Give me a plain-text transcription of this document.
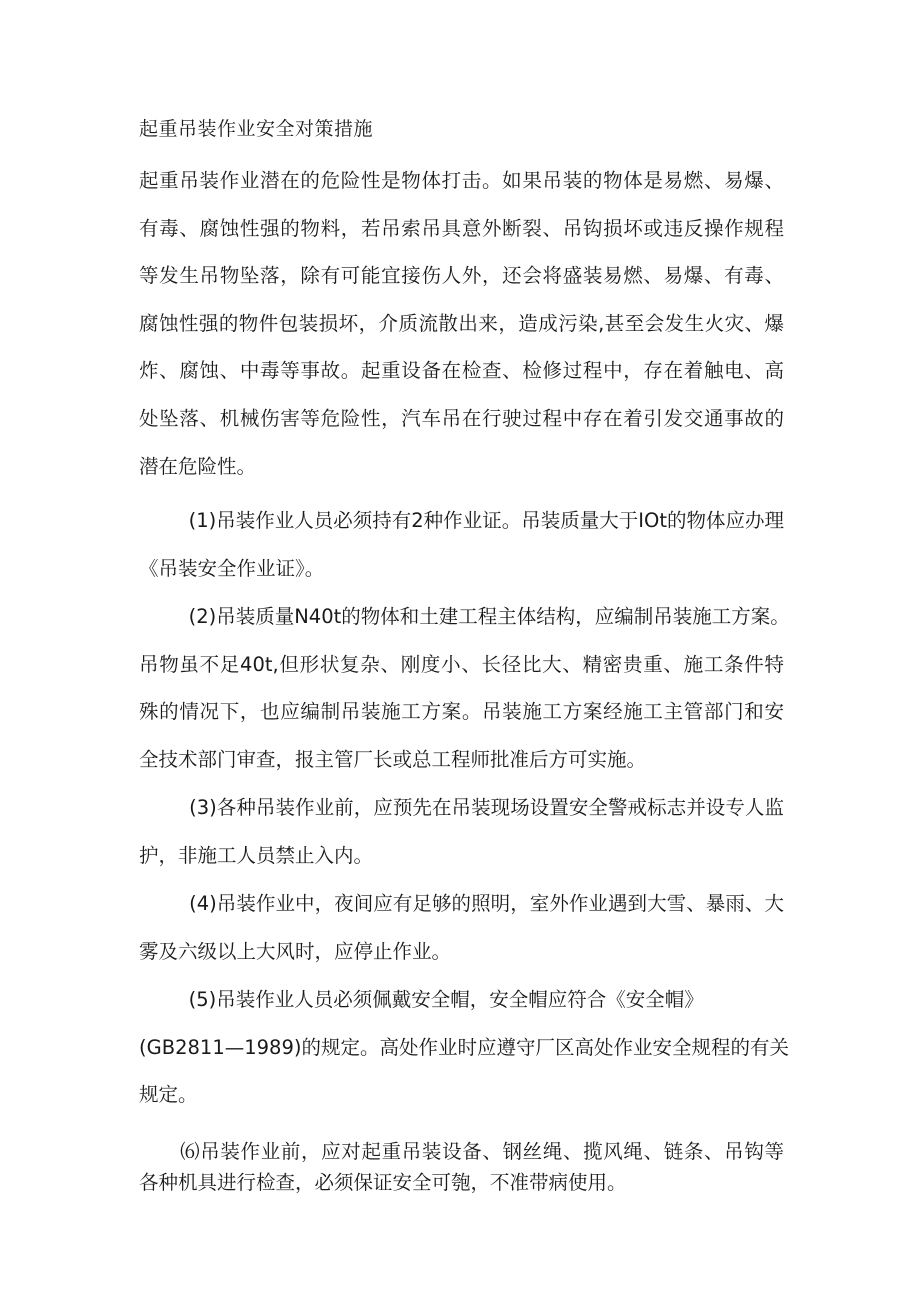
起重吊装作业安全对策措施
起重吊装作业潜在的危险性是物体打击。如果吊装的物体是易燃、易爆、
有毒、腐蚀性强的物料，若吊索吊具意外断裂、吊钩损坏或违反操作规程
等发生吊物坠落，除有可能宜接伤人外，还会将盛装易燃、易爆、有毒、
腐蚀性强的物件包装损坏，介质流散出来，造成污染,甚至会发生火灾、爆
炸、腐蚀、中毒等事故。起重设备在检查、检修过程中，存在着触电、高
处坠落、机械伤害等危险性，汽车吊在行驶过程中存在着引发交通事故的
潜在危险性。
(1)吊装作业人员必须持有2种作业证。吊装质量大于IOt的物体应办理
《吊装安全作业证》。
(2)吊装质量N40t的物体和土建工程主体结构，应编制吊装施工方案。
吊物虽不足40t,但形状复杂、刚度小、长径比大、精密贵重、施工条件特
殊的情况下，也应编制吊装施工方案。吊装施工方案经施工主管部门和安
全技术部门审查，报主管厂长或总工程师批准后方可实施。
(3)各种吊装作业前，应预先在吊装现场设置安全警戒标志并设专人监
护，非施工人员禁止入内。
(4)吊装作业中，夜间应有足够的照明，室外作业遇到大雪、暴雨、大
雾及六级以上大风时，应停止作业。
(5)吊装作业人员必须佩戴安全帽，安全帽应符合《安全帽》
(GB2811—1989)的规定。高处作业时应遵守厂区高处作业安全规程的有关
规定。
⑹吊装作业前，应对起重吊装设备、钢丝绳、揽风绳、链条、吊钩等
各种机具进行检查，必须保证安全可匏，不准带病使用。
